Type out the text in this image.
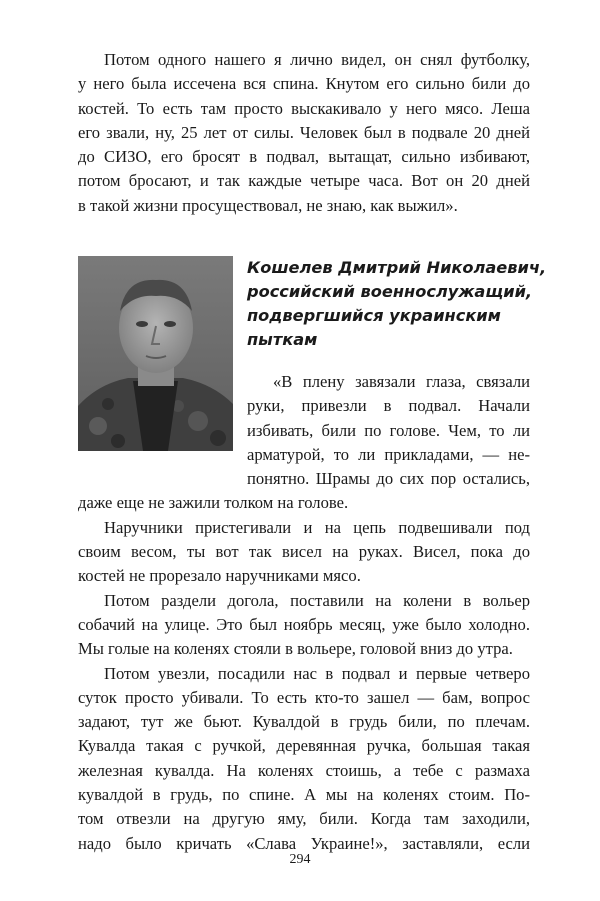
Потом одного нашего я лично видел, он снял футболку,
у него была иссечена вся спина. Кнутом его сильно били до
костей. То есть там просто выскакивало у него мясо. Леша
его звали, ну, 25 лет от силы. Человек был в подвале 20 дней
до СИЗО, его бросят в подвал, вытащат, сильно избивают,
потом бросают, и так каждые четыре часа. Вот он 20 дней
в такой жизни просуществовал, не знаю, как выжил».
Кошелев Дмитрий Николаевич,
российский военнослужащий,
подвергшийся украинским
пыткам
«В плену завязали глаза, связали
руки, привезли в подвал. Начали
избивать, били по голове. Чем, то ли
арматурой, то ли прикладами, — не-
понятно. Шрамы до сих пор остались,
даже еще не зажили толком на голове.
Наручники пристегивали и на цепь подвешивали под
своим весом, ты вот так висел на руках. Висел, пока до
костей не прорезало наручниками мясо.
Потом раздели догола, поставили на колени в вольер
собачий на улице. Это был ноябрь месяц, уже было холодно.
Мы голые на коленях стояли в вольере, головой вниз до утра.
Потом увезли, посадили нас в подвал и первые четверо
суток просто убивали. То есть кто-то зашел — бам, вопрос
задают, тут же бьют. Кувалдой в грудь били, по плечам.
Кувалда такая с ручкой, деревянная ручка, большая такая
железная кувалда. На коленях стоишь, а тебе с размаха
кувалдой в грудь, по спине. А мы на коленях стоим. По-
том отвезли на другую яму, били. Когда там заходили,
надо было кричать «Слава Украине!», заставляли, если
294
